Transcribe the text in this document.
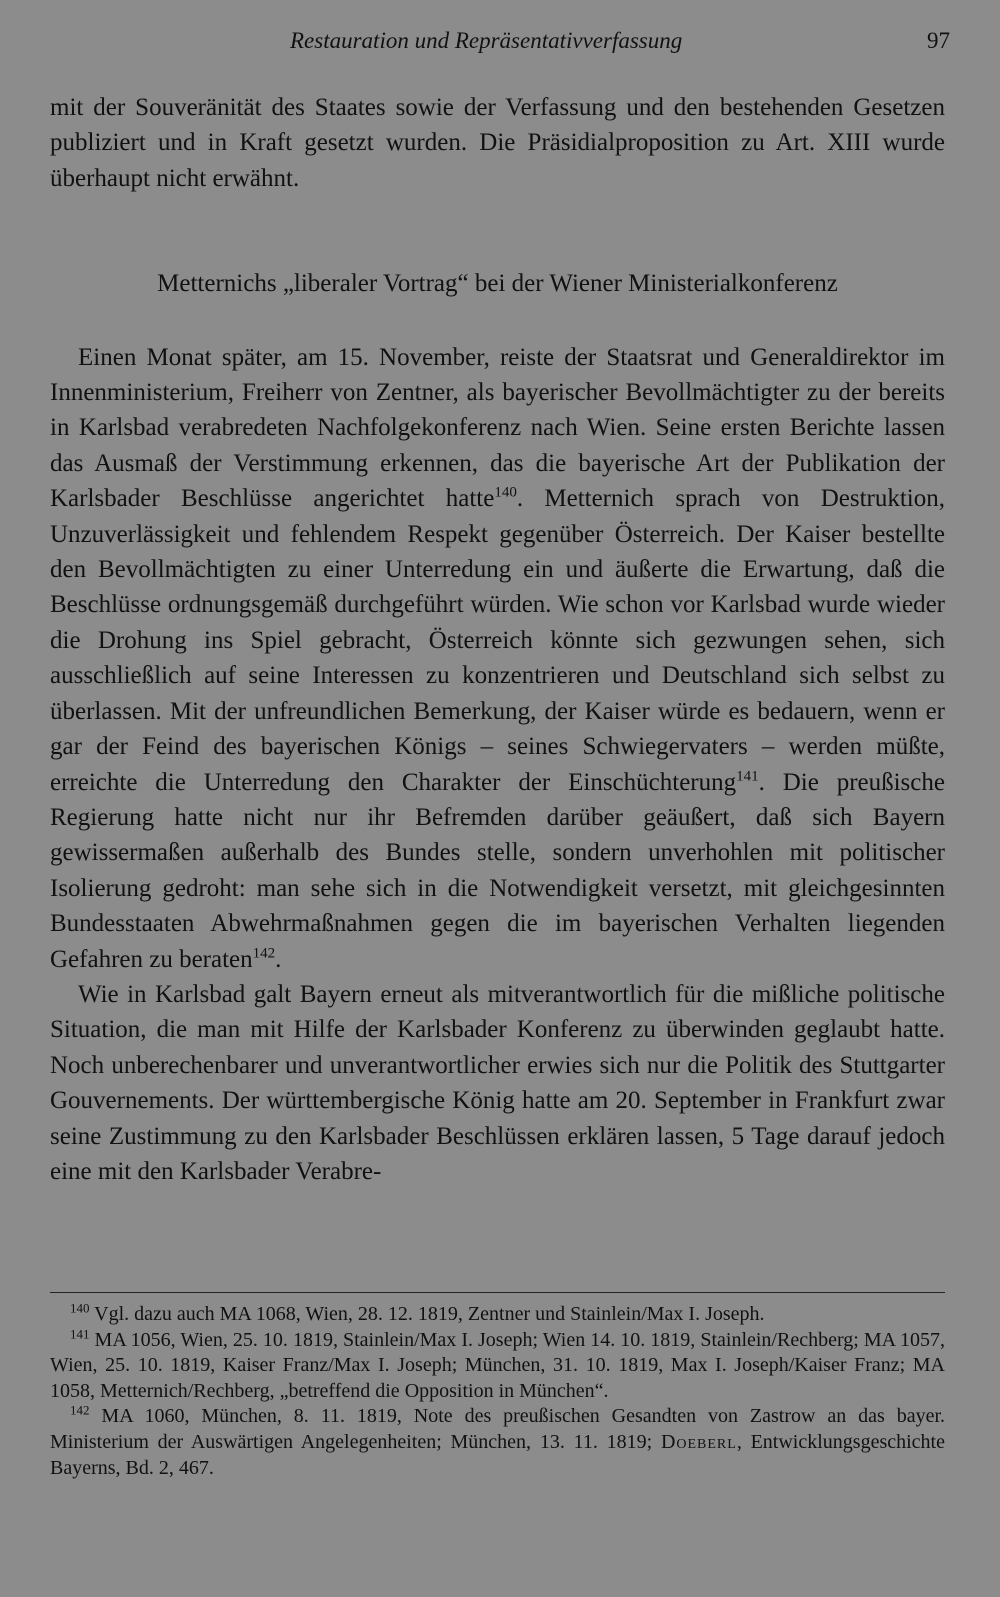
Restauration und Repräsentativverfassung	97

mit der Souveränität des Staates sowie der Verfassung und den bestehenden Gesetzen publiziert und in Kraft gesetzt wurden. Die Präsidialproposition zu Art. XIII wurde überhaupt nicht erwähnt.

Metternichs „liberaler Vortrag“ bei der Wiener Ministerialkonferenz

Einen Monat später, am 15. November, reiste der Staatsrat und Generaldirektor im Innenministerium, Freiherr von Zentner, als bayerischer Bevollmächtigter zu der bereits in Karlsbad verabredeten Nachfolgekonferenz nach Wien. Seine ersten Berichte lassen das Ausmaß der Verstimmung erkennen, das die bayerische Art der Publikation der Karlsbader Beschlüsse angerichtet hatte$^{140}$. Metternich sprach von Destruktion, Unzuverlässigkeit und fehlendem Respekt gegenüber Österreich. Der Kaiser bestellte den Bevollmächtigten zu einer Unterredung ein und äußerte die Erwartung, daß die Beschlüsse ordnungsgemäß durchgeführt würden. Wie schon vor Karlsbad wurde wieder die Drohung ins Spiel gebracht, Österreich könnte sich gezwungen sehen, sich ausschließlich auf seine Interessen zu konzentrieren und Deutschland sich selbst zu überlassen. Mit der unfreundlichen Bemerkung, der Kaiser würde es bedauern, wenn er gar der Feind des bayerischen Königs – seines Schwiegervaters – werden müßte, erreichte die Unterredung den Charakter der Einschüchterung$^{141}$. Die preußische Regierung hatte nicht nur ihr Befremden darüber geäußert, daß sich Bayern gewissermaßen außerhalb des Bundes stelle, sondern unverhohlen mit politischer Isolierung gedroht: man sehe sich in die Notwendigkeit versetzt, mit gleichgesinnten Bundesstaaten Abwehrmaßnahmen gegen die im bayerischen Verhalten liegenden Gefahren zu beraten$^{142}$.

Wie in Karlsbad galt Bayern erneut als mitverantwortlich für die mißliche politische Situation, die man mit Hilfe der Karlsbader Konferenz zu überwinden geglaubt hatte. Noch unberechenbarer und unverantwortlicher erwies sich nur die Politik des Stuttgarter Gouvernements. Der württembergische König hatte am 20. September in Frankfurt zwar seine Zustimmung zu den Karlsbader Beschlüssen erklären lassen, 5 Tage darauf jedoch eine mit den Karlsbader Verabre-

$^{140}$ Vgl. dazu auch MA 1068, Wien, 28. 12. 1819, Zentner und Stainlein/Max I. Joseph.

$^{141}$ MA 1056, Wien, 25. 10. 1819, Stainlein/Max I. Joseph; Wien 14. 10. 1819, Stainlein/Rechberg; MA 1057, Wien, 25. 10. 1819, Kaiser Franz/Max I. Joseph; München, 31. 10. 1819, Max I. Joseph/Kaiser Franz; MA 1058, Metternich/Rechberg, „betreffend die Opposition in München“.

$^{142}$ MA 1060, München, 8. 11. 1819, Note des preußischen Gesandten von Zastrow an das bayer. Ministerium der Auswärtigen Angelegenheiten; München, 13. 11. 1819; Doeberl, Entwicklungsgeschichte Bayerns, Bd. 2, 467.
